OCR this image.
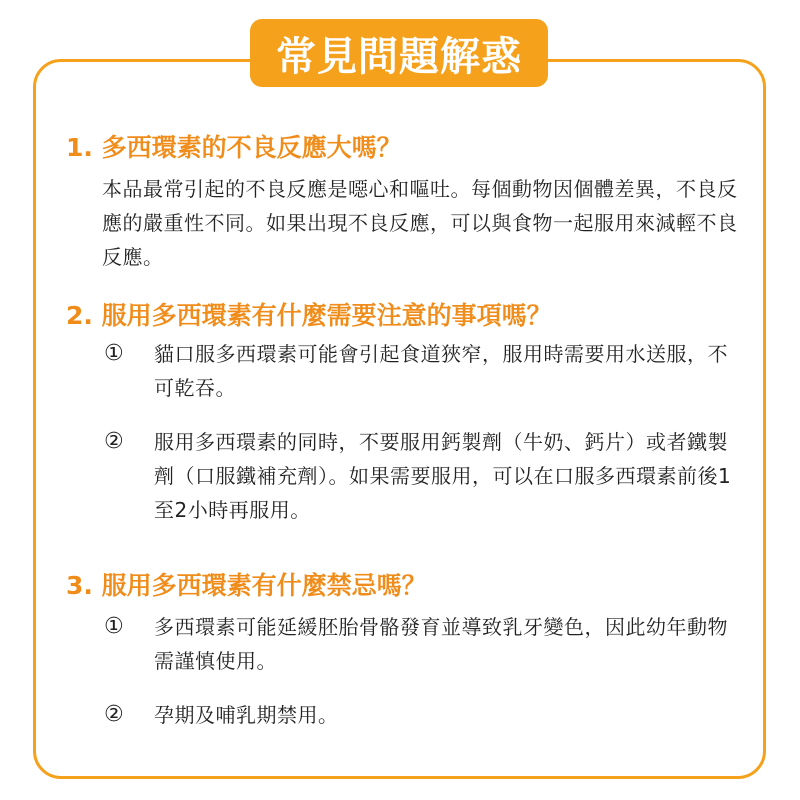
常見問題解惑
1. 多西環素的不良反應大嗎？
本品最常引起的不良反應是噁心和嘔吐。每個動物因個體差異，不良反應的嚴重性不同。如果出現不良反應，可以與食物一起服用來減輕不良反應。
2. 服用多西環素有什麼需要注意的事項嗎？
① 貓口服多西環素可能會引起食道狹窄，服用時需要用水送服，不可乾吞。
② 服用多西環素的同時，不要服用鈣製劑（牛奶、鈣片）或者鐵製劑（口服鐵補充劑）。如果需要服用，可以在口服多西環素前後1至2小時再服用。
3. 服用多西環素有什麼禁忌嗎？
① 多西環素可能延緩胚胎骨骼發育並導致乳牙變色，因此幼年動物需謹慎使用。
② 孕期及哺乳期禁用。
